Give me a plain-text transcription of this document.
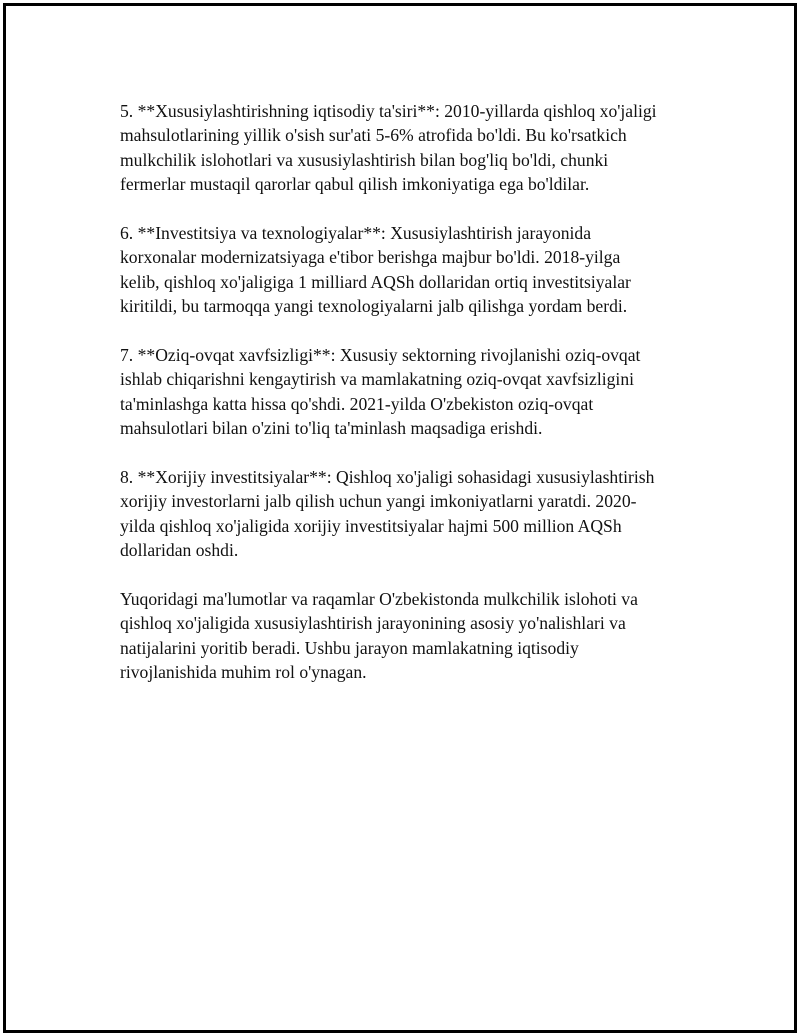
5. **Xususiylashtirishning iqtisodiy ta'siri**: 2010-yillarda qishloq xo'jaligi
mahsulotlarining yillik o'sish sur'ati 5-6% atrofida bo'ldi. Bu ko'rsatkich
mulkchilik islohotlari va xususiylashtirish bilan bog'liq bo'ldi, chunki
fermerlar mustaqil qarorlar qabul qilish imkoniyatiga ega bo'ldilar.

6. **Investitsiya va texnologiyalar**: Xususiylashtirish jarayonida
korxonalar modernizatsiyaga e'tibor berishga majbur bo'ldi. 2018-yilga
kelib, qishloq xo'jaligiga 1 milliard AQSh dollaridan ortiq investitsiyalar
kiritildi, bu tarmoqqa yangi texnologiyalarni jalb qilishga yordam berdi.

7. **Oziq-ovqat xavfsizligi**: Xususiy sektorning rivojlanishi oziq-ovqat
ishlab chiqarishni kengaytirish va mamlakatning oziq-ovqat xavfsizligini
ta'minlashga katta hissa qo'shdi. 2021-yilda O'zbekiston oziq-ovqat
mahsulotlari bilan o'zini to'liq ta'minlash maqsadiga erishdi.

8. **Xorijiy investitsiyalar**: Qishloq xo'jaligi sohasidagi xususiylashtirish
xorijiy investorlarni jalb qilish uchun yangi imkoniyatlarni yaratdi. 2020-
yilda qishloq xo'jaligida xorijiy investitsiyalar hajmi 500 million AQSh
dollaridan oshdi.

Yuqoridagi ma'lumotlar va raqamlar O'zbekistonda mulkchilik islohoti va
qishloq xo'jaligida xususiylashtirish jarayonining asosiy yo'nalishlari va
natijalarini yoritib beradi. Ushbu jarayon mamlakatning iqtisodiy
rivojlanishida muhim rol o'ynagan.
